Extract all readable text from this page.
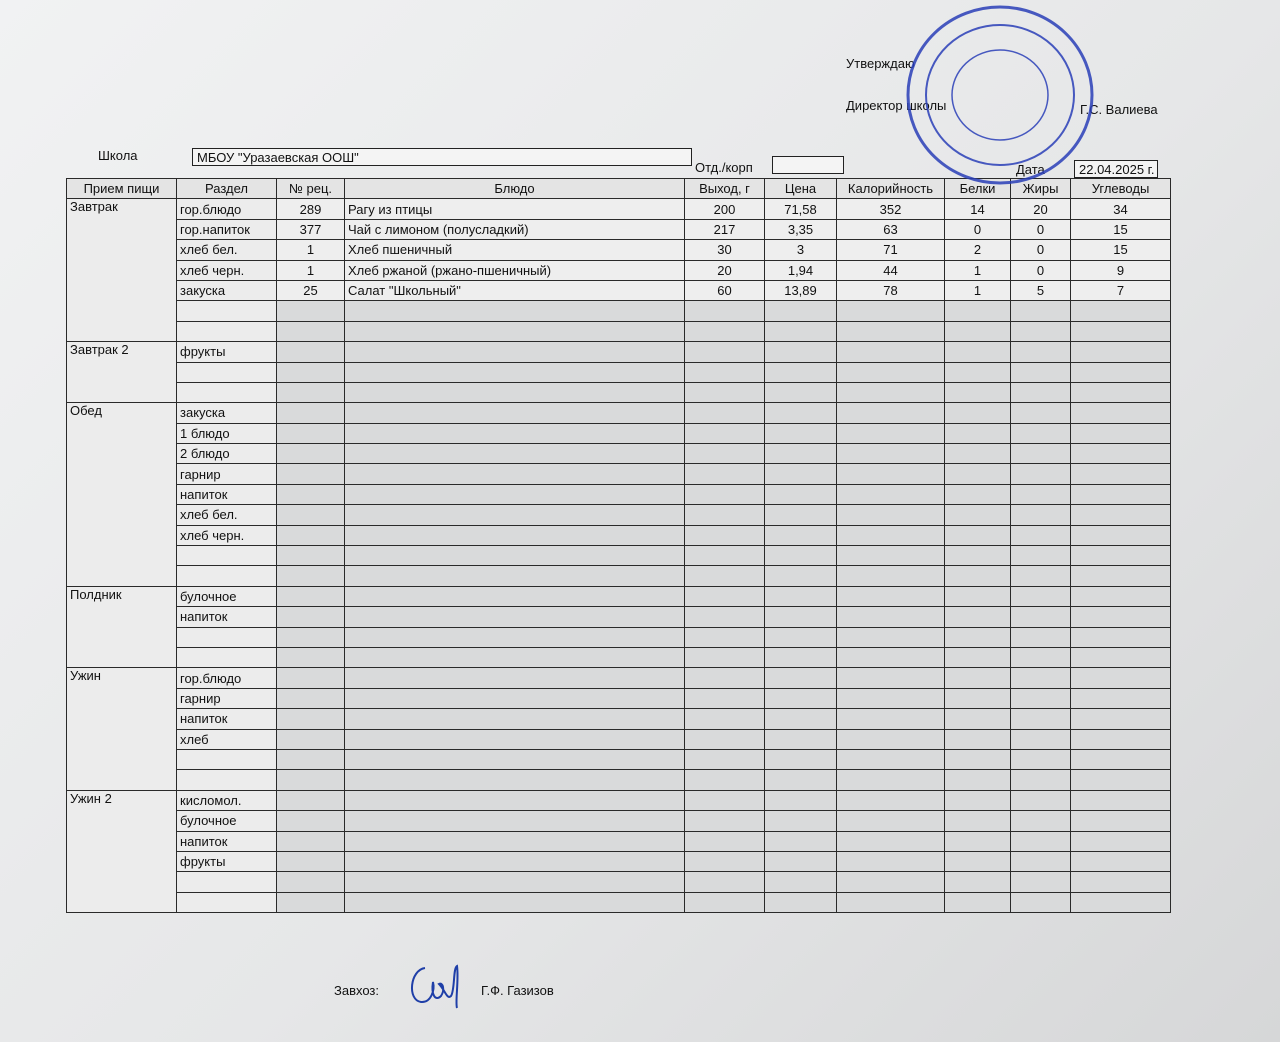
Утверждаю
Директор школы	Г.С. Валиева
Школа	МБОУ "Уразаевская ООШ"
Отд./корп	Дата	22.04.2025 г.
Прием пищи	Раздел	№ рец.	Блюдо	Выход, г	Цена	Калорийность	Белки	Жиры	Углеводы
Завтрак	гор.блюдо	289	Рагу из птицы	200	71,58	352	14	20	34
	гор.напиток	377	Чай с лимоном (полусладкий)	217	3,35	63	0	0	15
	хлеб бел.	1	Хлеб пшеничный	30	3	71	2	0	15
	хлеб черн.	1	Хлеб ржаной (ржано-пшеничный)	20	1,94	44	1	0	9
	закуска	25	Салат "Школьный"	60	13,89	78	1	5	7

Завтрак 2	фрукты								

Обед	закуска								
	1 блюдо								
	2 блюдо								
	гарнир								
	напиток								
	хлеб бел.								
	хлеб черн.								

Полдник	булочное								
	напиток								

Ужин	гор.блюдо								
	гарнир								
	напиток								
	хлеб								

Ужин 2	кисломол.								
	булочное								
	напиток								
	фрукты								

Завхоз:	Г.Ф. Газизов
